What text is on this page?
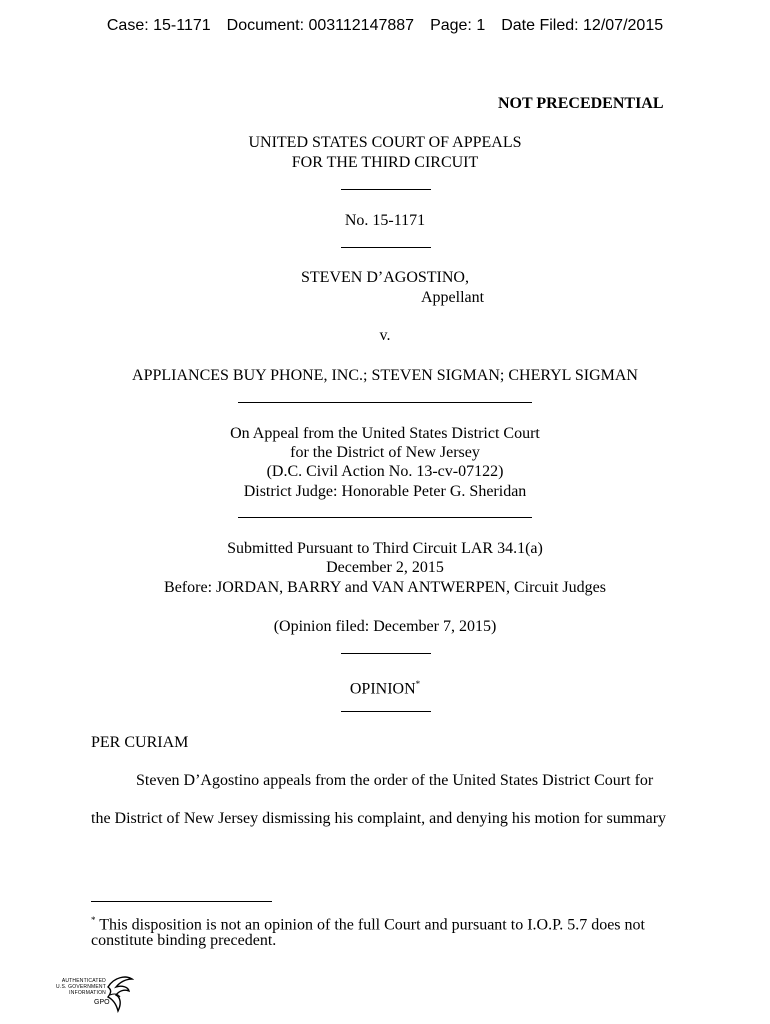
Case: 15-1171 Document: 003112147887 Page: 1 Date Filed: 12/07/2015
NOT PRECEDENTIAL
UNITED STATES COURT OF APPEALS
FOR THE THIRD CIRCUIT
No. 15-1171
STEVEN D’AGOSTINO,
Appellant
v.
APPLIANCES BUY PHONE, INC.; STEVEN SIGMAN; CHERYL SIGMAN
On Appeal from the United States District Court
for the District of New Jersey
(D.C. Civil Action No. 13-cv-07122)
District Judge: Honorable Peter G. Sheridan
Submitted Pursuant to Third Circuit LAR 34.1(a)
December 2, 2015
Before: JORDAN, BARRY and VAN ANTWERPEN, Circuit Judges
(Opinion filed: December 7, 2015)
OPINION*
PER CURIAM
Steven D’Agostino appeals from the order of the United States District Court for
the District of New Jersey dismissing his complaint, and denying his motion for summary
* This disposition is not an opinion of the full Court and pursuant to I.O.P. 5.7 does not
constitute binding precedent.
AUTHENTICATED
U.S. GOVERNMENT
INFORMATION
GPO
